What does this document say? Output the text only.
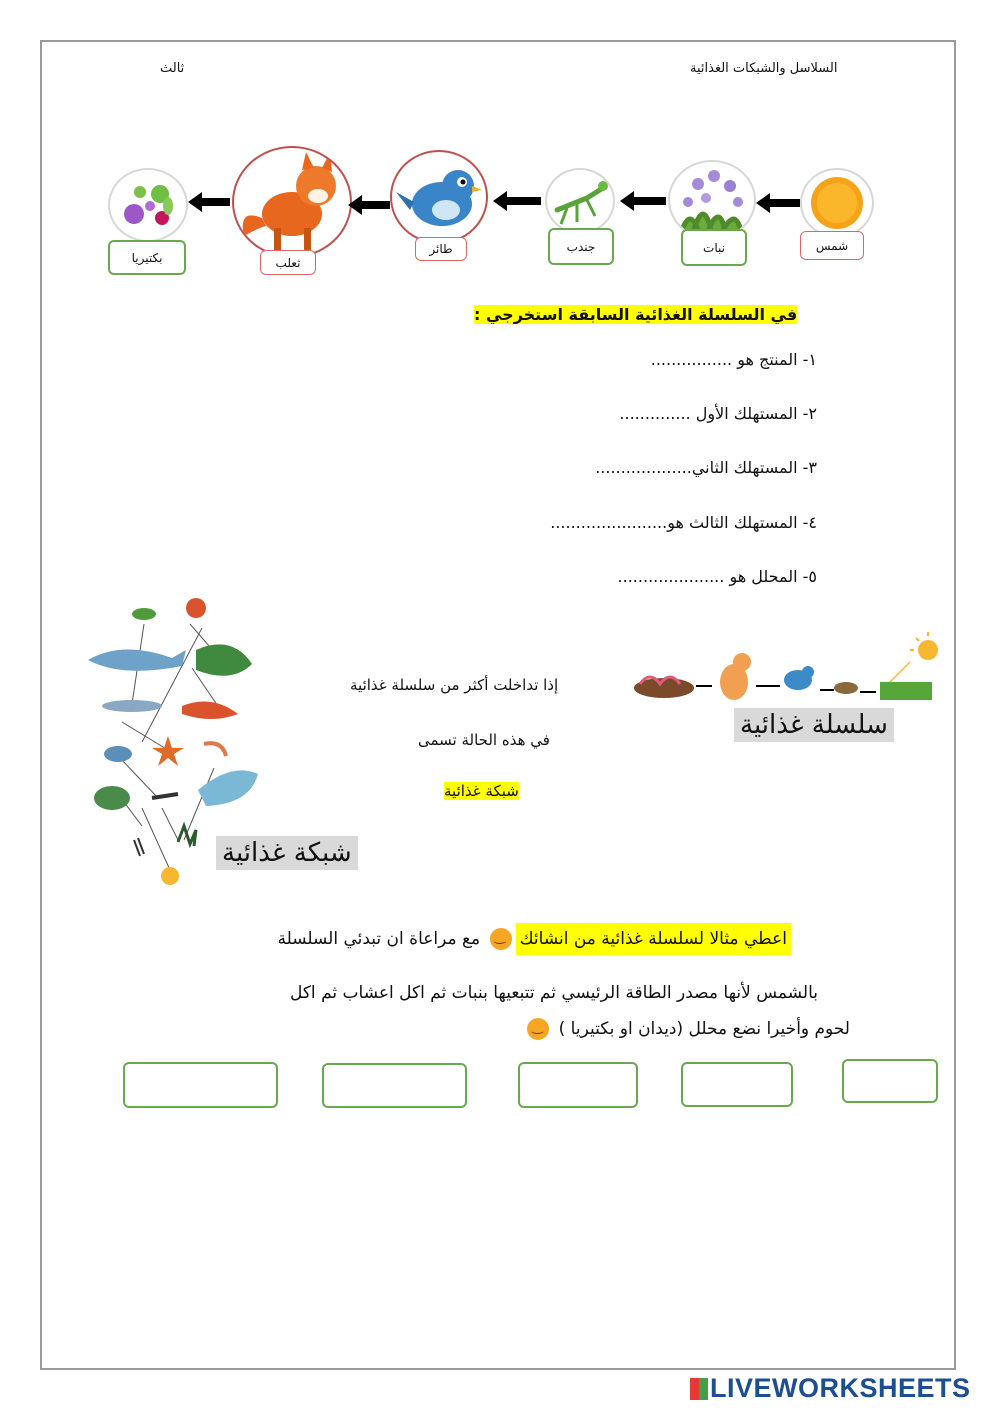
السلاسل والشبكات الغذائية
ثالث
شمس
نبات
جندب
طائر
ثعلب
بكتيريا
في السلسلة الغذائية السابقة استخرجي :
١- المنتج هو ................
٢- المستهلك الأول ..............
٣- المستهلك الثاني...................
٤- المستهلك الثالث هو.......................
٥- المحلل هو .....................
سلسلة غذائية
إذا تداخلت أكثر من سلسلة غذائية
في هذه الحالة تسمى
شبكة غذائية
شبكة غذائية
اعطي مثالا لسلسلة غذائية من انشائك‿ مع مراعاة ان تبدئي السلسلة
بالشمس لأنها مصدر الطاقة الرئيسي ثم تتبعيها بنبات ثم اكل اعشاب ثم اكل
لحوم وأخيرا نضع محلل (ديدان او بكتيريا ) ‿
LIVEWORKSHEETS
